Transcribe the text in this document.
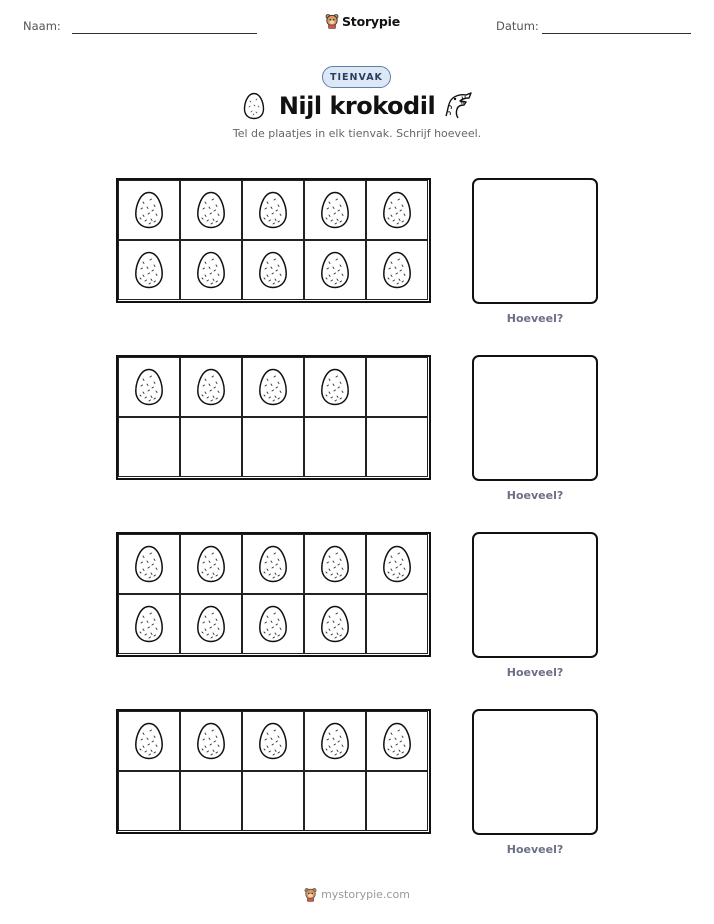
Naam:	Storypie	Datum:
TIENVAK
Nijl krokodil
Tel de plaatjes in elk tienvak. Schrijf hoeveel.
Hoeveel?
Hoeveel?
Hoeveel?
Hoeveel?
mystorypie.com
